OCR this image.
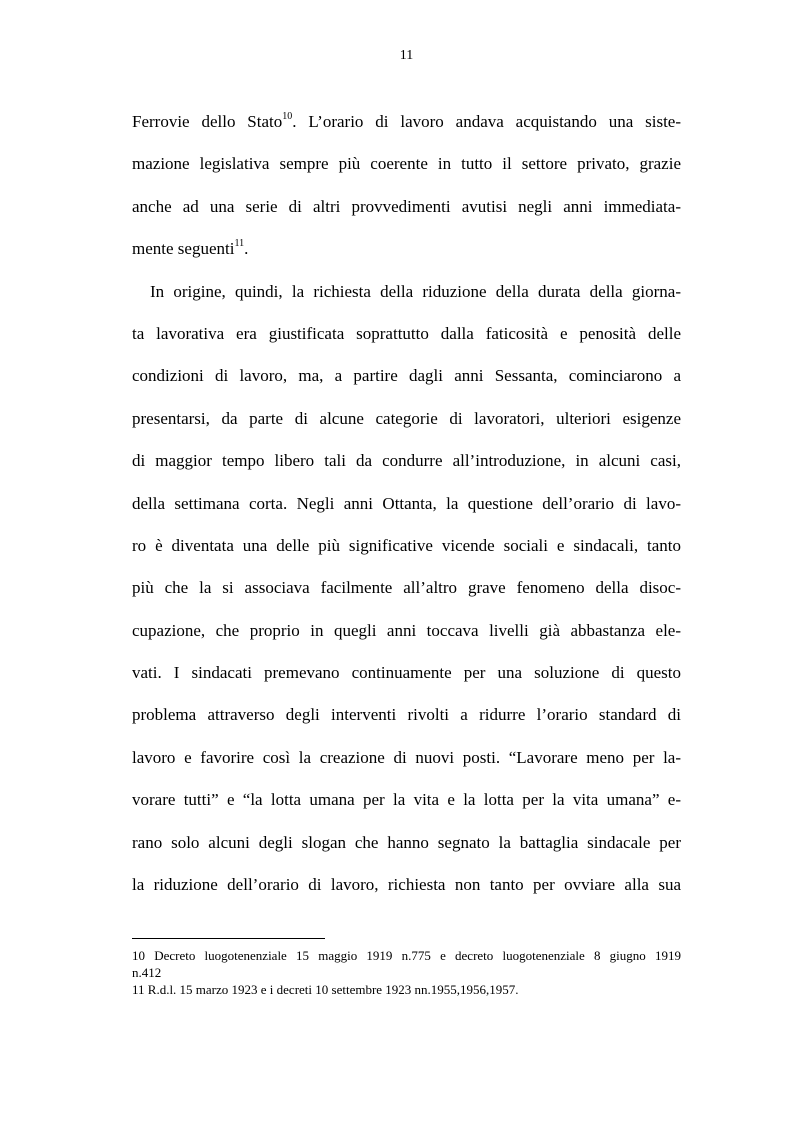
11
Ferrovie dello Stato$^{10}$. L’orario di lavoro andava acquistando una siste-
mazione legislativa sempre più coerente in tutto il settore privato, grazie
anche ad una serie di altri provvedimenti avutisi negli anni immediata-
mente seguenti$^{11}$.
In origine, quindi, la richiesta della riduzione della durata della giorna-
ta lavorativa era giustificata soprattutto dalla faticosità e penosità delle
condizioni di lavoro, ma, a partire dagli anni Sessanta, cominciarono a
presentarsi, da parte di alcune categorie di lavoratori, ulteriori esigenze
di maggior tempo libero tali da condurre all’introduzione, in alcuni casi,
della settimana corta. Negli anni Ottanta, la questione dell’orario di lavo-
ro è diventata una delle più significative vicende sociali e sindacali, tanto
più che la si associava facilmente all’altro grave fenomeno della disoc-
cupazione, che proprio in quegli anni toccava livelli già abbastanza ele-
vati. I sindacati premevano continuamente per una soluzione di questo
problema attraverso degli interventi rivolti a ridurre l’orario standard di
lavoro e favorire così la creazione di nuovi posti. “Lavorare meno per la-
vorare tutti” e “la lotta umana per la vita e la lotta per la vita umana” e-
rano solo alcuni degli slogan che hanno segnato la battaglia sindacale per
la riduzione dell’orario di lavoro, richiesta non tanto per ovviare alla sua
10 Decreto luogotenenziale 15 maggio 1919 n.775 e decreto luogotenenziale 8 giugno 1919
n.412
11 R.d.l. 15 marzo 1923 e i decreti 10 settembre 1923 nn.1955,1956,1957.
